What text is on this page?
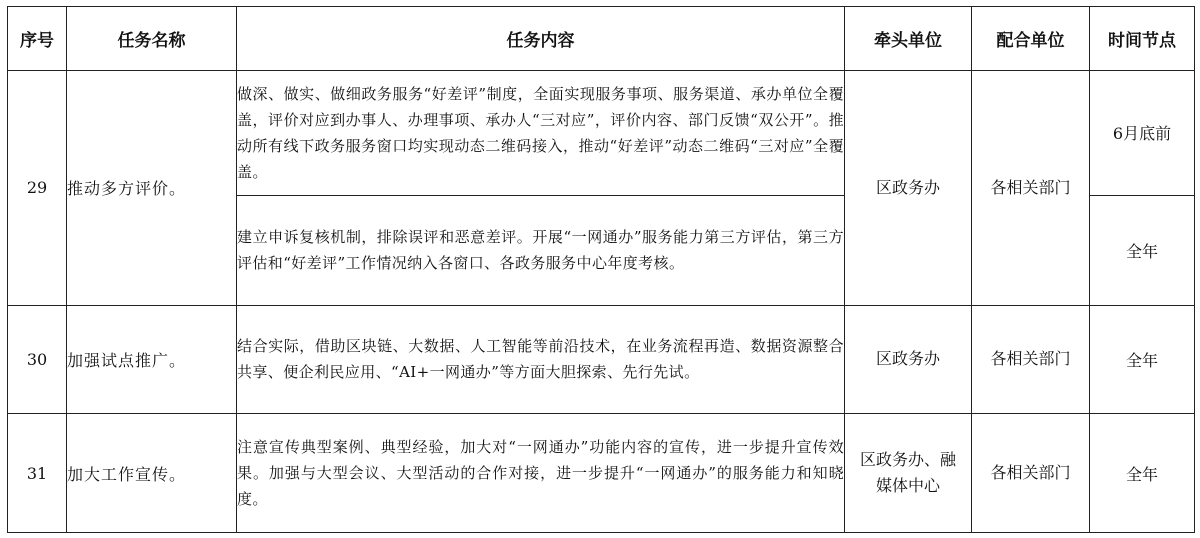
序号	任务名称	任务内容	牵头单位	配合单位	时间节点
29	推动多方评价。	做深、做实、做细政务服务“好差评”制度，全面实现服务事项、服务渠道、承办单位全覆盖，评价对应到办事人、办理事项、承办人“三对应”，评价内容、部门反馈“双公开”。推动所有线下政务服务窗口均实现动态二维码接入，推动“好差评”动态二维码“三对应”全覆盖。	区政务办	各相关部门	6月底前
		建立申诉复核机制，排除误评和恶意差评。开展“一网通办”服务能力第三方评估，第三方评估和“好差评”工作情况纳入各窗口、各政务服务中心年度考核。			全年
30	加强试点推广。	结合实际，借助区块链、大数据、人工智能等前沿技术，在业务流程再造、数据资源整合共享、便企利民应用、“AI+一网通办”等方面大胆探索、先行先试。	区政务办	各相关部门	全年
31	加大工作宣传。	注意宣传典型案例、典型经验，加大对“一网通办”功能内容的宣传，进一步提升宣传效果。加强与大型会议、大型活动的合作对接，进一步提升“一网通办”的服务能力和知晓度。	区政务办、融媒体中心	各相关部门	全年
